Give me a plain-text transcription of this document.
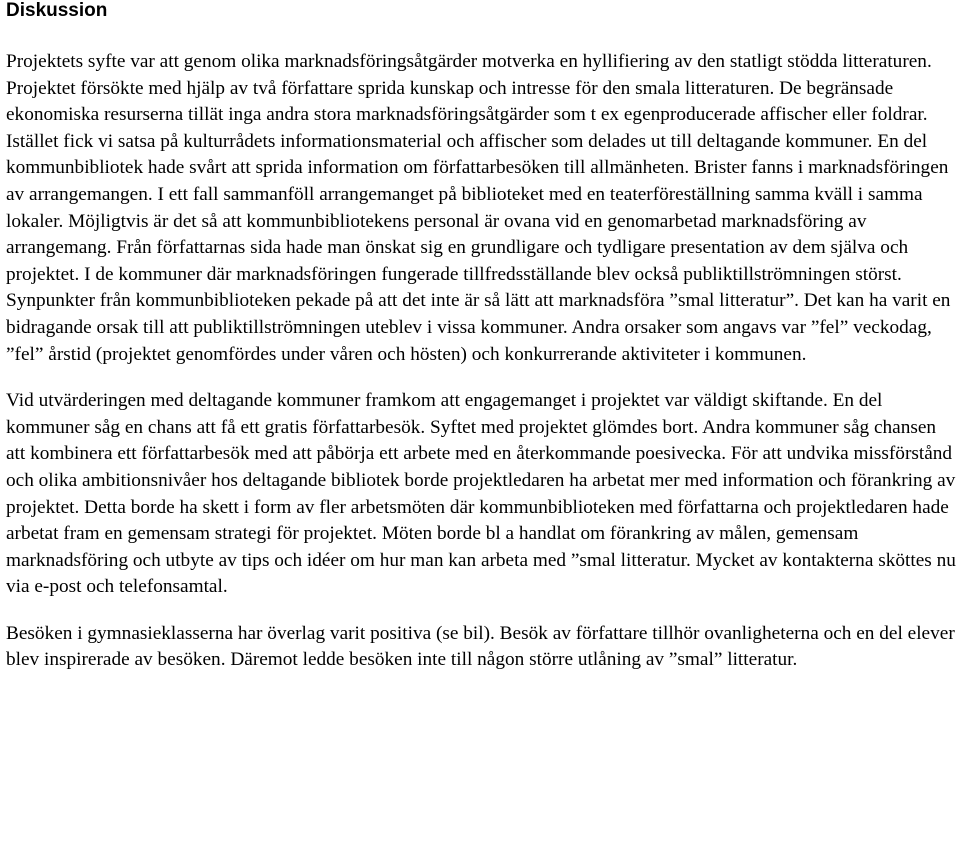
Diskussion

Projektets syfte var att genom olika marknadsföringsåtgärder motverka en hyllifiering av den statligt stödda litteraturen. Projektet försökte med hjälp av två författare sprida kunskap och intresse för den smala litteraturen. De begränsade ekonomiska resurserna tillät inga andra stora marknadsföringsåtgärder som t ex egenproducerade affischer eller foldrar. Istället fick vi satsa på kulturrådets informationsmaterial och affischer som delades ut till deltagande kommuner. En del kommunbibliotek hade svårt att sprida information om författarbesöken till allmänheten. Brister fanns i marknadsföringen av arrangemangen. I ett fall sammanföll arrangemanget på biblioteket med en teaterföreställning samma kväll i samma lokaler. Möjligtvis är det så att kommunbibliotekens personal är ovana vid en genomarbetad marknadsföring av arrangemang. Från författarnas sida hade man önskat sig en grundligare och tydligare presentation av dem själva och projektet. I de kommuner där marknadsföringen fungerade tillfredsställande blev också publiktillströmningen störst. Synpunkter från kommunbiblioteken pekade på att det inte är så lätt att marknadsföra ”smal litteratur”. Det kan ha varit en bidragande orsak till att publiktillströmningen uteblev i vissa kommuner. Andra orsaker som angavs var ”fel” veckodag, ”fel” årstid (projektet genomfördes under våren och hösten) och konkurrerande aktiviteter i kommunen.

Vid utvärderingen med deltagande kommuner framkom att engagemanget i projektet var väldigt skiftande. En del kommuner såg en chans att få ett gratis författarbesök. Syftet med projektet glömdes bort. Andra kommuner såg chansen att kombinera ett författarbesök med att påbörja ett arbete med en återkommande poesivecka. För att undvika missförstånd och olika ambitionsnivåer hos deltagande bibliotek borde projektledaren ha arbetat mer med information och förankring av projektet. Detta borde ha skett i form av fler arbetsmöten där kommunbiblioteken med författarna och projektledaren hade arbetat fram en gemensam strategi för projektet. Möten borde bl a handlat om förankring av målen, gemensam marknadsföring och utbyte av tips och idéer om hur man kan arbeta med ”smal litteratur. Mycket av kontakterna sköttes nu via e-post och telefonsamtal.

Besöken i gymnasieklasserna har överlag varit positiva (se bil). Besök av författare tillhör ovanligheterna och en del elever blev inspirerade av besöken. Däremot ledde besöken inte till någon större utlåning av ”smal” litteratur.
